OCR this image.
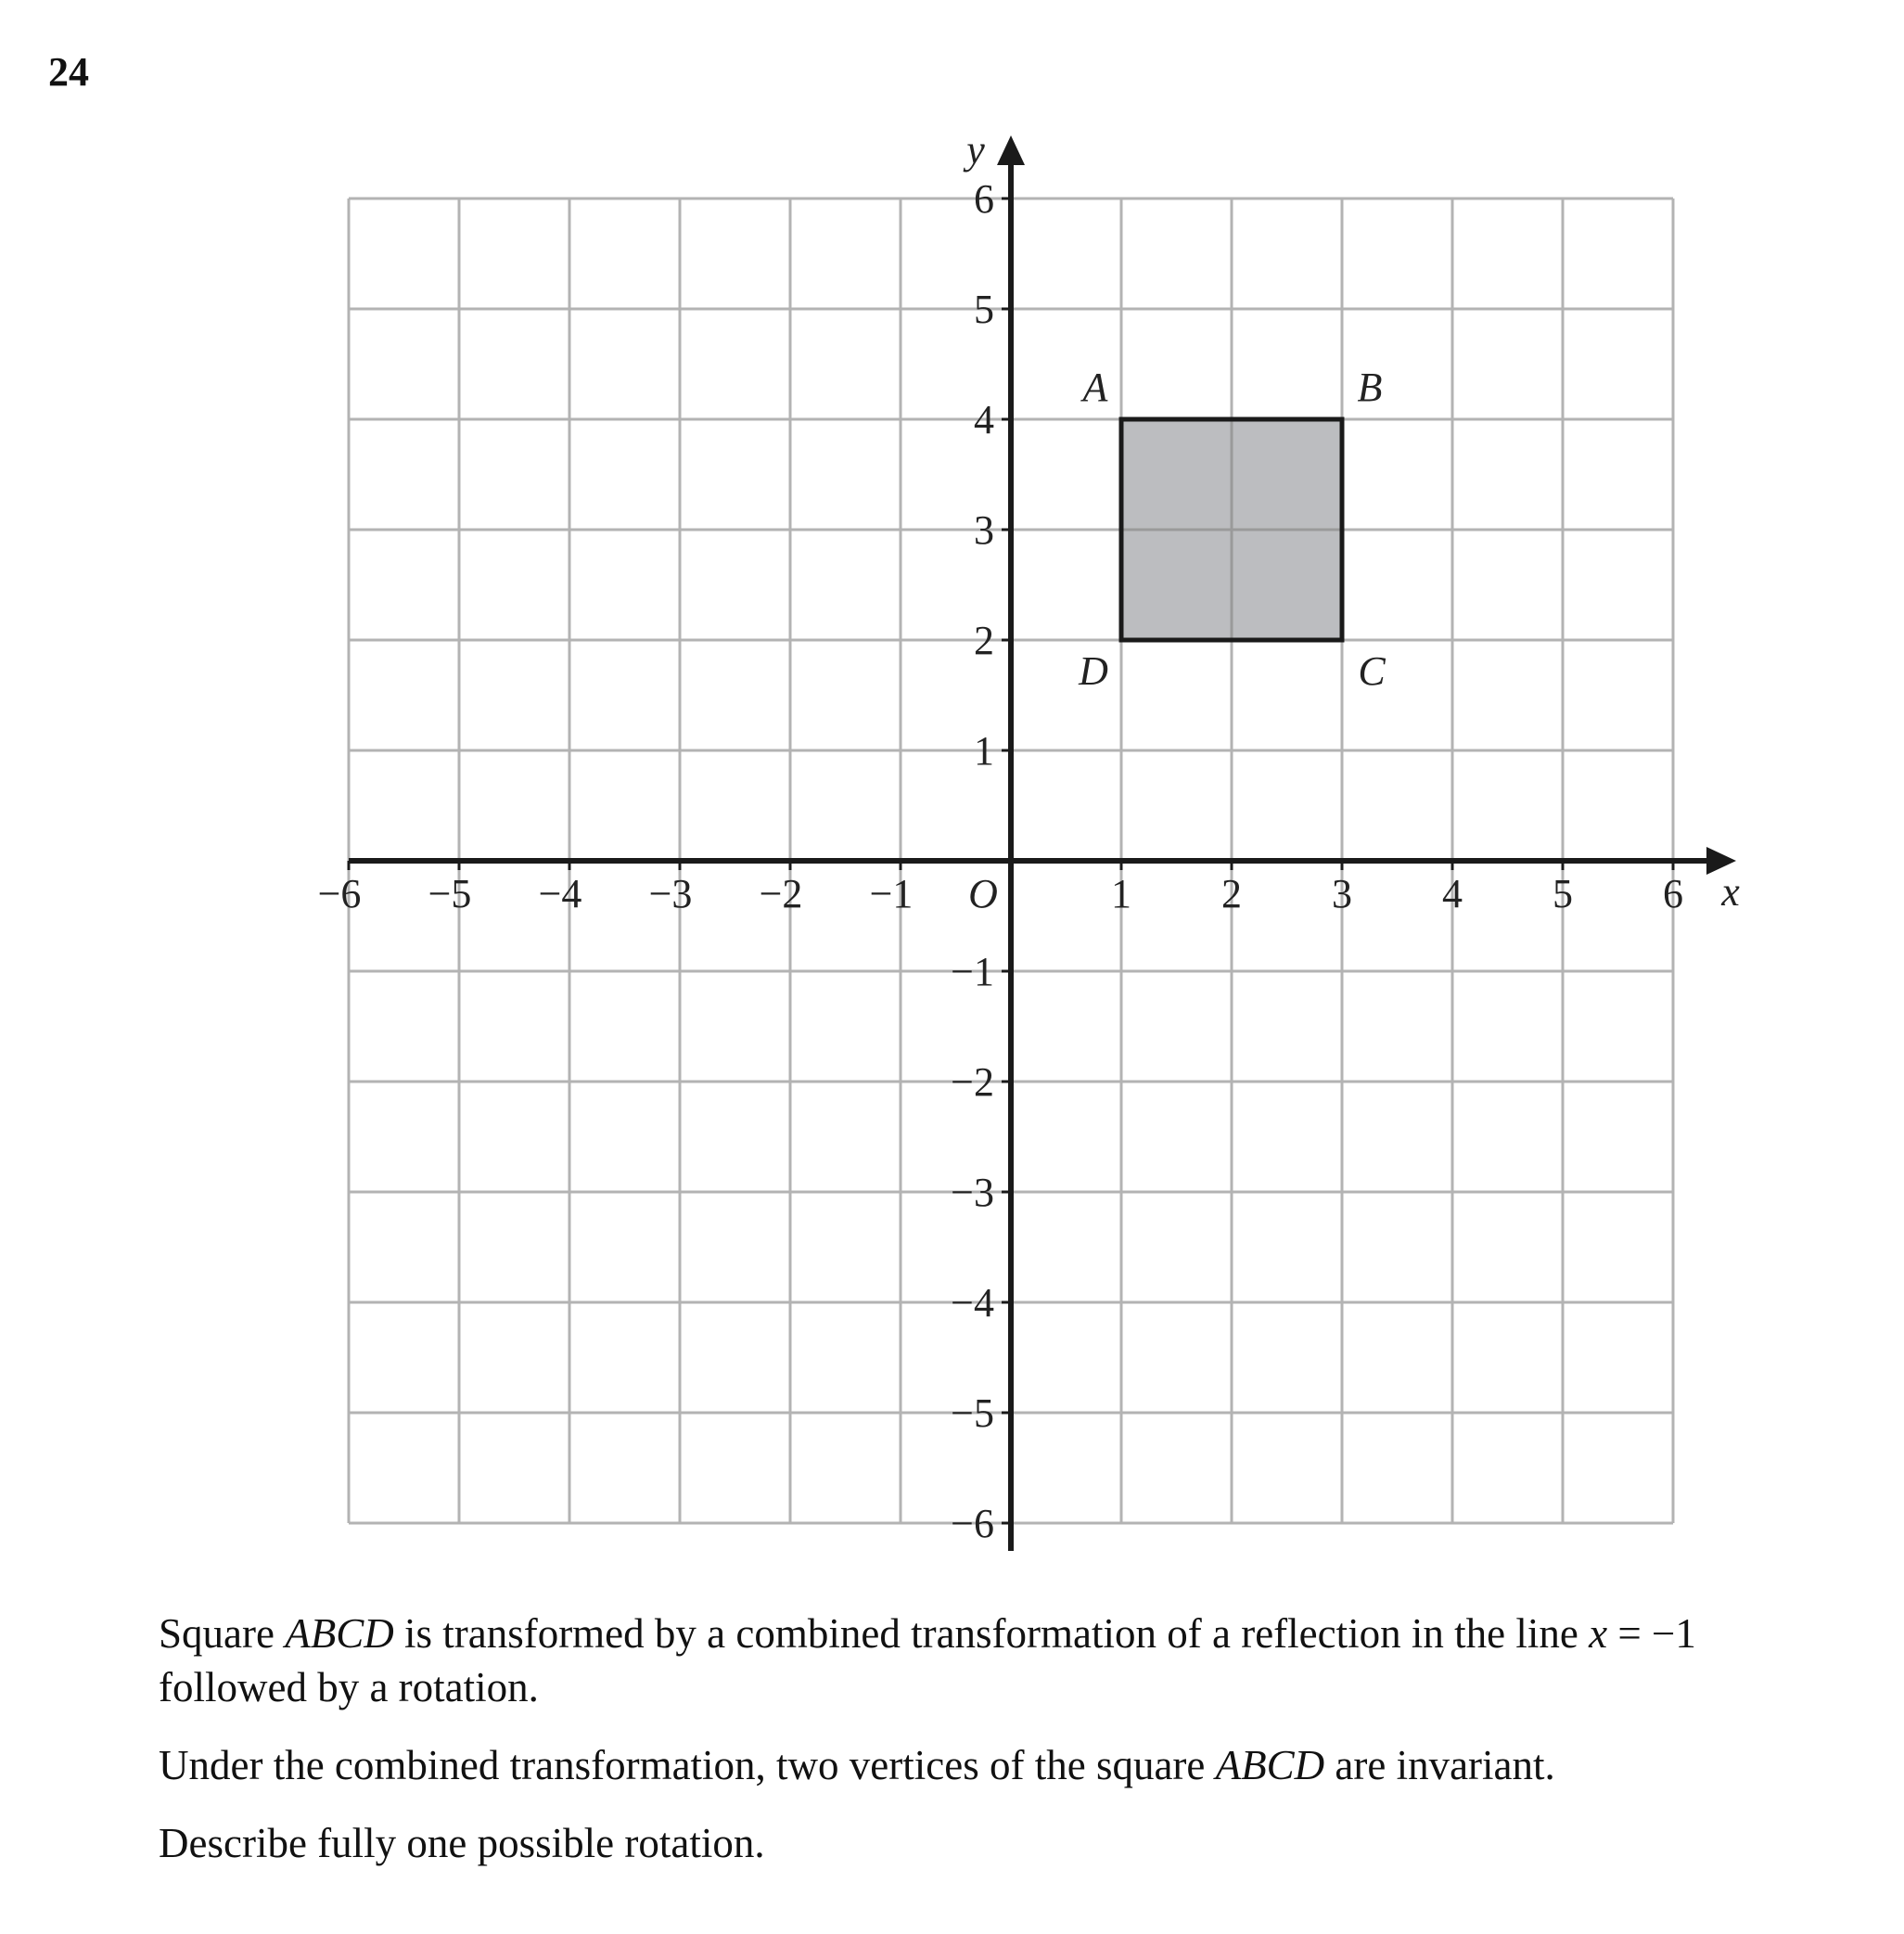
24
−6 −5 −4 −3 −2 −1	1 2 3 4 5 6
6
5
4
3
2
1
−1
−2
−3
−4
−5
−6
O	x
y
A	B
C
D

Square ABCD is transformed by a combined transformation of a reflection in the line x = −1
followed by a rotation.

Under the combined transformation, two vertices of the square ABCD are invariant.

Describe fully one possible rotation.
